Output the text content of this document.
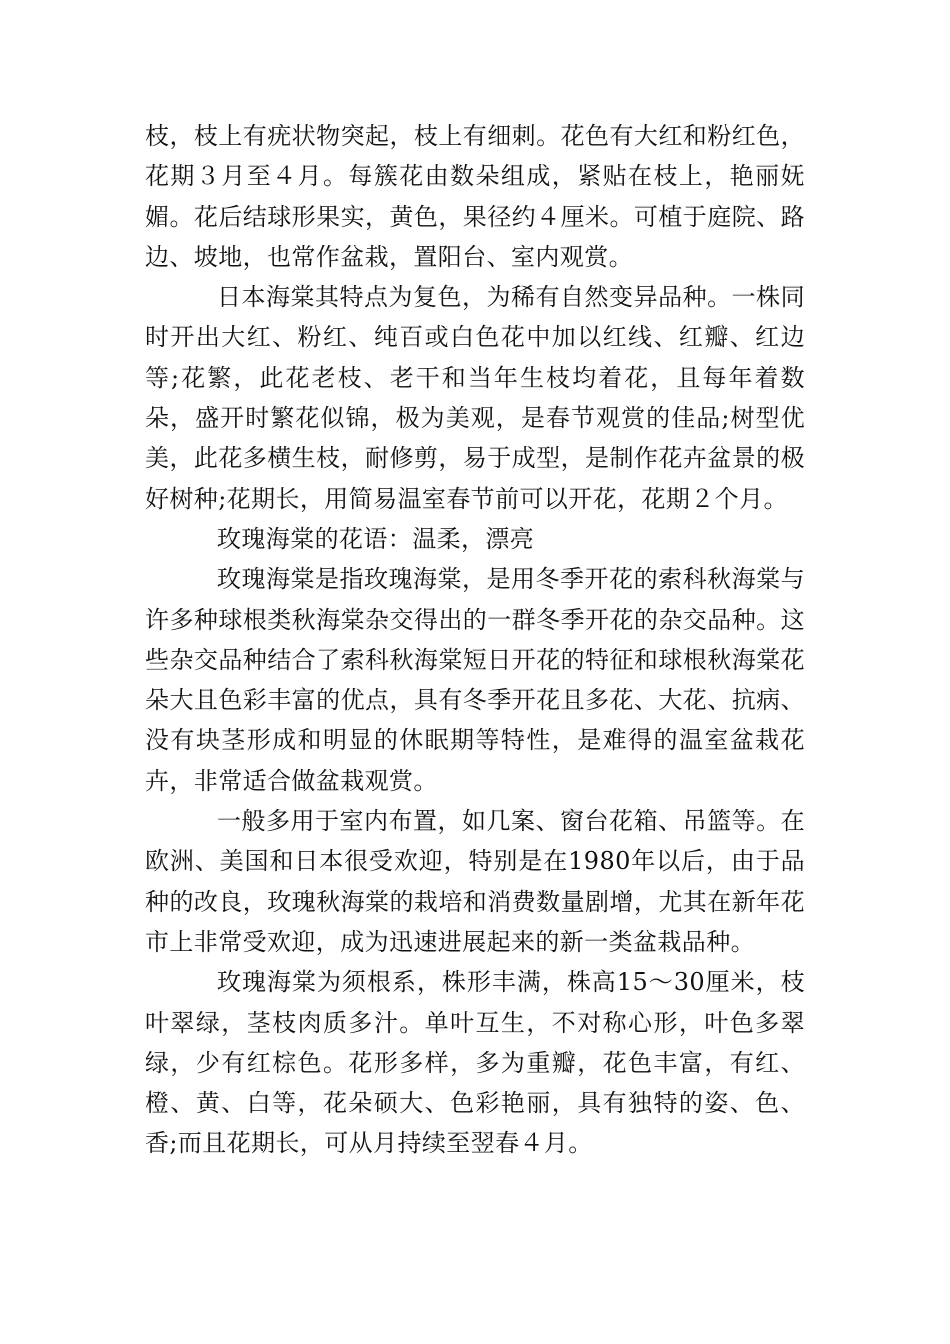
枝，枝上有疣状物突起，枝上有细刺。花色有大红和粉红色，花期３月至４月。每簇花由数朵组成，紧贴在枝上，艳丽妩媚。花后结球形果实，黄色，果径约４厘米。可植于庭院、路边、坡地，也常作盆栽，置阳台、室内观赏。

日本海棠其特点为复色，为稀有自然变异品种。一株同时开出大红、粉红、纯百或白色花中加以红线、红瓣、红边等;花繁，此花老枝、老干和当年生枝均着花，且每年着数朵，盛开时繁花似锦，极为美观，是春节观赏的佳品;树型优美，此花多横生枝，耐修剪，易于成型，是制作花卉盆景的极好树种;花期长，用简易温室春节前可以开花，花期２个月。

玫瑰海棠的花语：温柔，漂亮

玫瑰海棠是指玫瑰海棠，是用冬季开花的索科秋海棠与许多种球根类秋海棠杂交得出的一群冬季开花的杂交品种。这些杂交品种结合了索科秋海棠短日开花的特征和球根秋海棠花朵大且色彩丰富的优点，具有冬季开花且多花、大花、抗病、没有块茎形成和明显的休眠期等特性，是难得的温室盆栽花卉，非常适合做盆栽观赏。

一般多用于室内布置，如几案、窗台花箱、吊篮等。在欧洲、美国和日本很受欢迎，特别是在1980年以后，由于品种的改良，玫瑰秋海棠的栽培和消费数量剧增，尤其在新年花市上非常受欢迎，成为迅速进展起来的新一类盆栽品种。

玫瑰海棠为须根系，株形丰满，株高15～30厘米，枝叶翠绿，茎枝肉质多汁。单叶互生，不对称心形，叶色多翠绿，少有红棕色。花形多样，多为重瓣，花色丰富，有红、橙、黄、白等，花朵硕大、色彩艳丽，具有独特的姿、色、香;而且花期长，可从月持续至翌春４月。
